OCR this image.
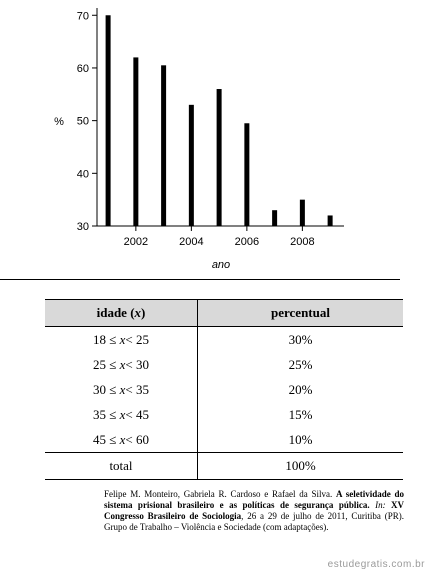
30
40
50
60
70
2002	2004	2006	2008
%
ano
idade (x)	percentual
18 ≤ x< 25	30%
25 ≤ x< 30	25%
30 ≤ x< 35	20%
35 ≤ x< 45	15%
45 ≤ x< 60	10%
total	100%
Felipe M. Monteiro, Gabriela R. Cardoso e Rafael da Silva. A seletividade do sistema prisional brasileiro e as políticas de segurança pública. In: XV Congresso Brasileiro de Sociologia, 26 a 29 de julho de 2011, Curitiba (PR). Grupo de Trabalho – Violência e Sociedade (com adaptações).
estudegratis.com.br
